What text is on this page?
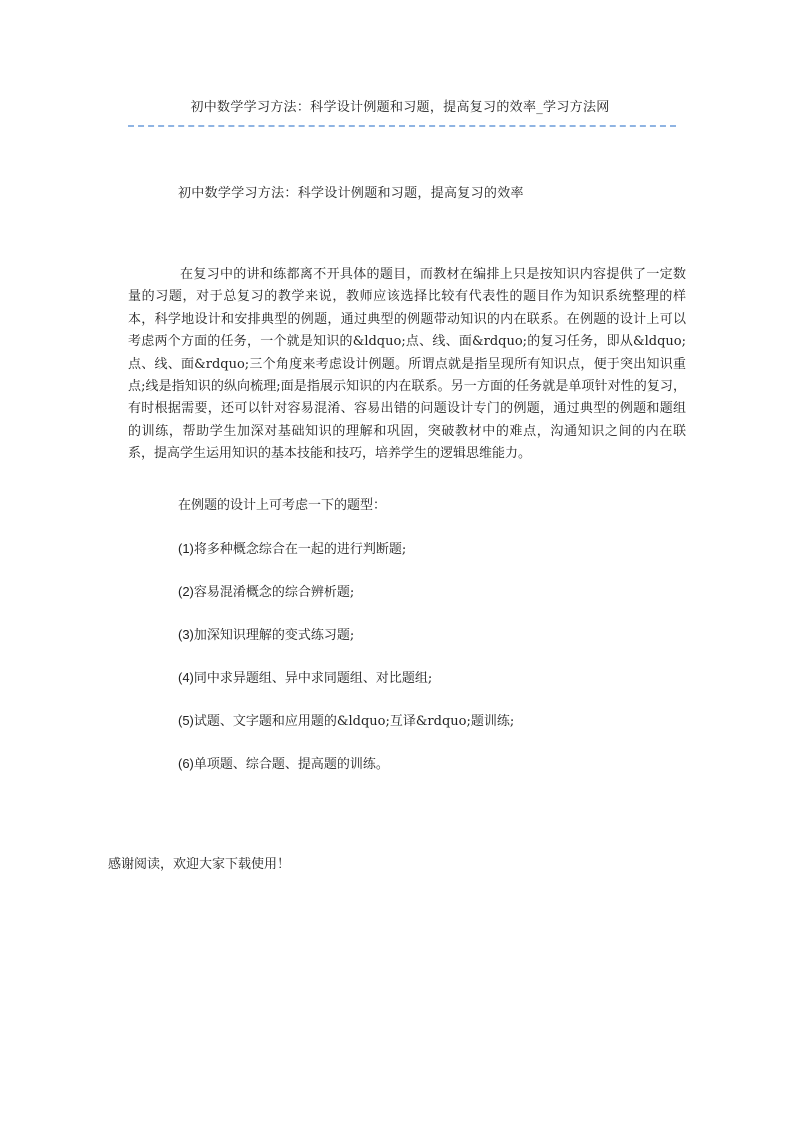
初中数学学习方法：科学设计例题和习题，提高复习的效率_学习方法网
初中数学学习方法：科学设计例题和习题，提高复习的效率

在复习中的讲和练都离不开具体的题目，而教材在编排上只是按知识内容提供了一定数量的习题，对于总复习的教学来说，教师应该选择比较有代表性的题目作为知识系统整理的样本，科学地设计和安排典型的例题，通过典型的例题带动知识的内在联系。在例题的设计上可以考虑两个方面的任务，一个就是知识的&ldquo;点、线、面&rdquo;的复习任务，即从&ldquo;点、线、面&rdquo;三个角度来考虑设计例题。所谓点就是指呈现所有知识点，便于突出知识重点;线是指知识的纵向梳理;面是指展示知识的内在联系。另一方面的任务就是单项针对性的复习，有时根据需要，还可以针对容易混淆、容易出错的问题设计专门的例题，通过典型的例题和题组的训练，帮助学生加深对基础知识的理解和巩固，突破教材中的难点，沟通知识之间的内在联系，提高学生运用知识的基本技能和技巧，培养学生的逻辑思维能力。

在例题的设计上可考虑一下的题型：
(1)将多种概念综合在一起的进行判断题;
(2)容易混淆概念的综合辨析题;
(3)加深知识理解的变式练习题;
(4)同中求异题组、异中求同题组、对比题组;
(5)试题、文字题和应用题的&ldquo;互译&rdquo;题训练;
(6)单项题、综合题、提高题的训练。
感谢阅读，欢迎大家下载使用！
